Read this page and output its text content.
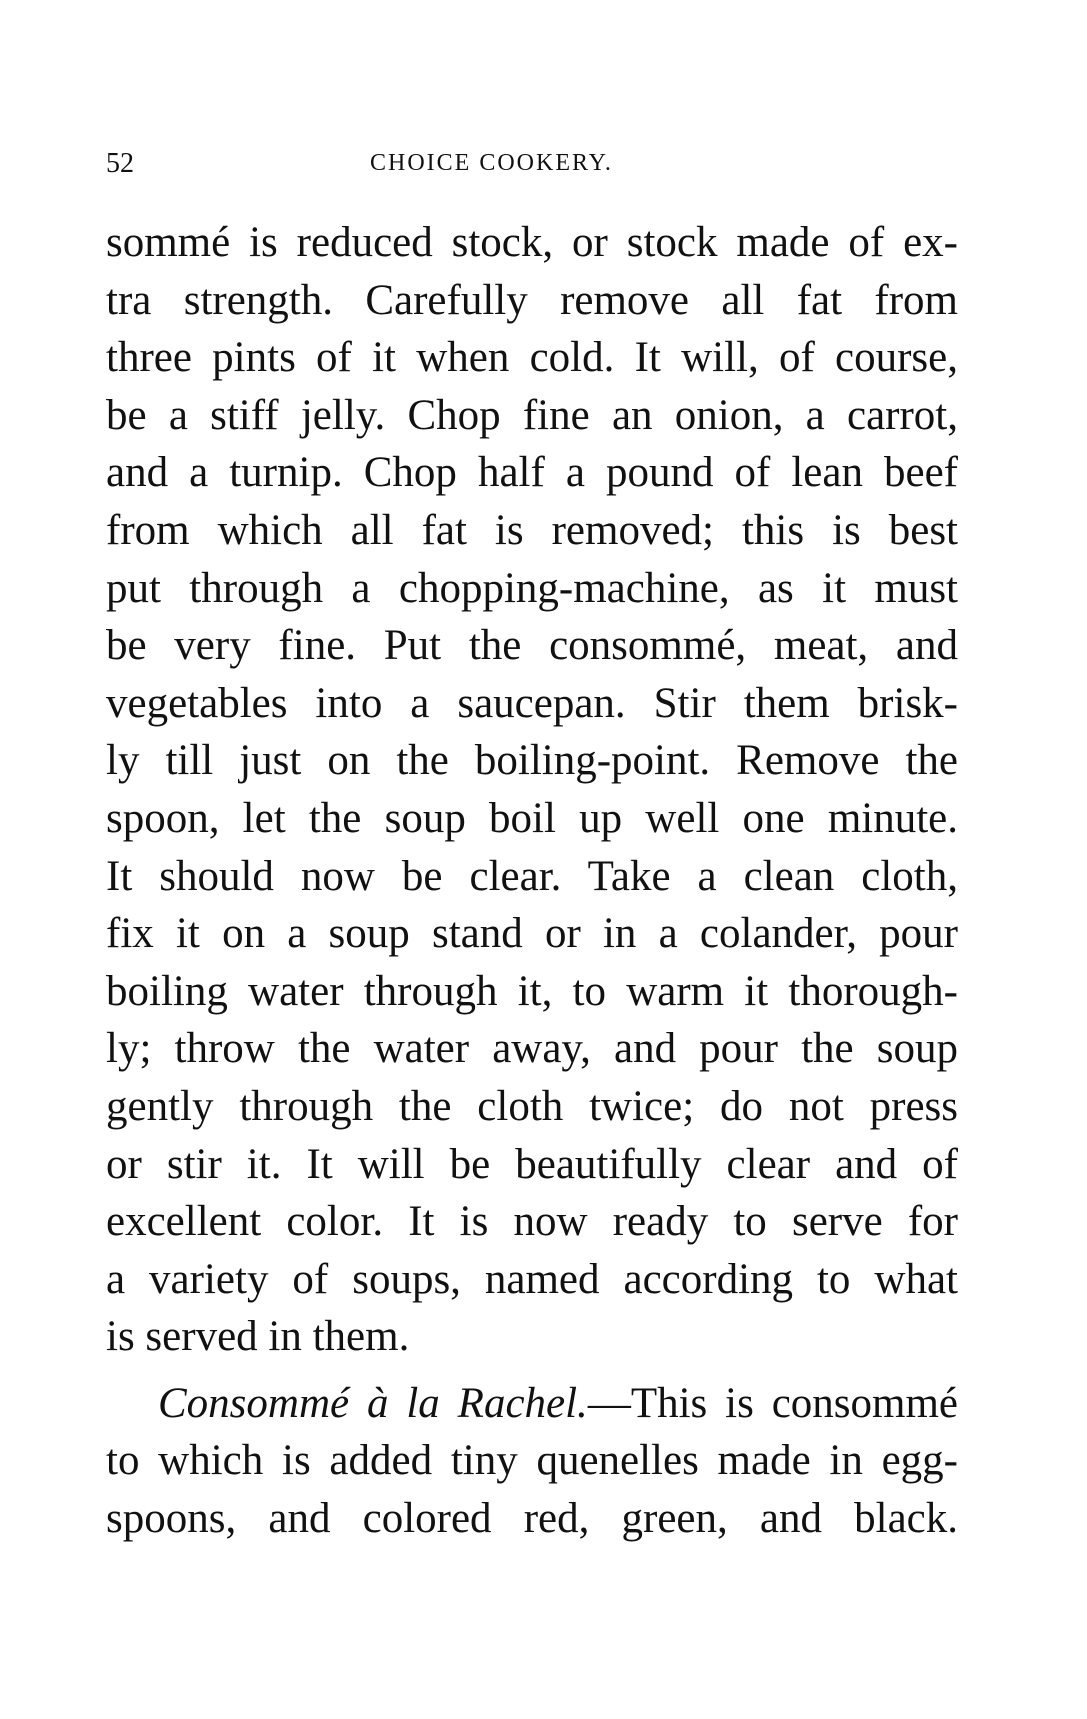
52	CHOICE COOKERY.
sommé is reduced stock, or stock made of ex-
tra strength. Carefully remove all fat from
three pints of it when cold. It will, of course,
be a stiff jelly. Chop fine an onion, a carrot,
and a turnip. Chop half a pound of lean beef
from which all fat is removed; this is best
put through a chopping-machine, as it must
be very fine. Put the consommé, meat, and
vegetables into a saucepan. Stir them brisk-
ly till just on the boiling-point. Remove the
spoon, let the soup boil up well one minute.
It should now be clear. Take a clean cloth,
fix it on a soup stand or in a colander, pour
boiling water through it, to warm it thorough-
ly; throw the water away, and pour the soup
gently through the cloth twice; do not press
or stir it. It will be beautifully clear and of
excellent color. It is now ready to serve for
a variety of soups, named according to what
is served in them.
Consommé à la Rachel.—This is consommé
to which is added tiny quenelles made in egg-
spoons, and colored red, green, and black.
